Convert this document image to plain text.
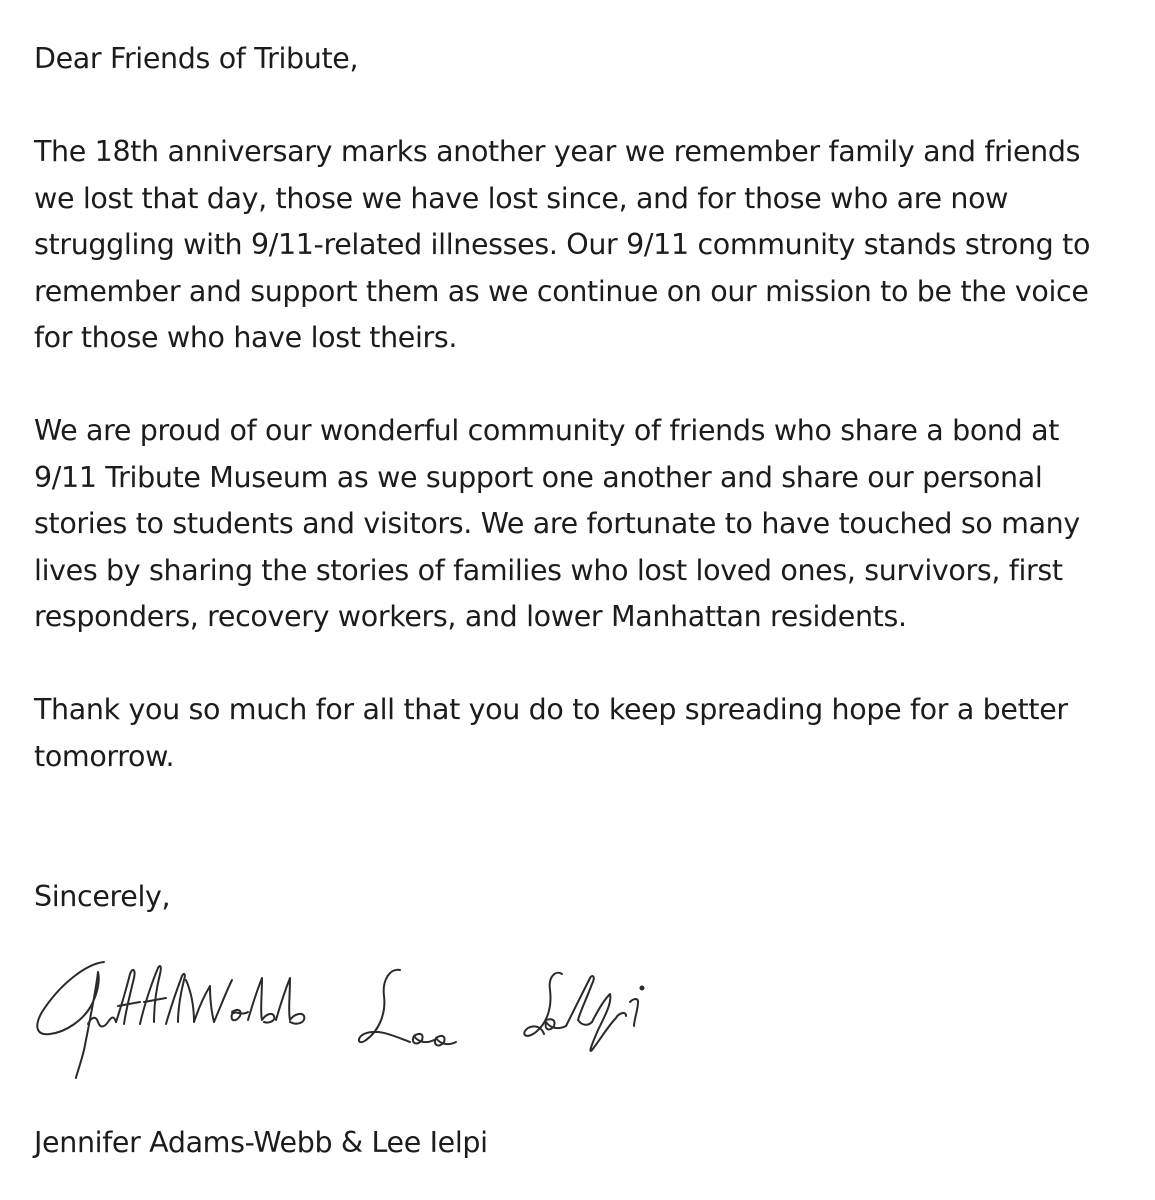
Dear Friends of Tribute,

The 18th anniversary marks another year we remember family and friends
we lost that day, those we have lost since, and for those who are now
struggling with 9/11-related illnesses. Our 9/11 community stands strong to
remember and support them as we continue on our mission to be the voice
for those who have lost theirs.

We are proud of our wonderful community of friends who share a bond at
9/11 Tribute Museum as we support one another and share our personal
stories to students and visitors. We are fortunate to have touched so many
lives by sharing the stories of families who lost loved ones, survivors, first
responders, recovery workers, and lower Manhattan residents.

Thank you so much for all that you do to keep spreading hope for a better
tomorrow.

Sincerely,

Jennifer Adams-Webb & Lee Ielpi
